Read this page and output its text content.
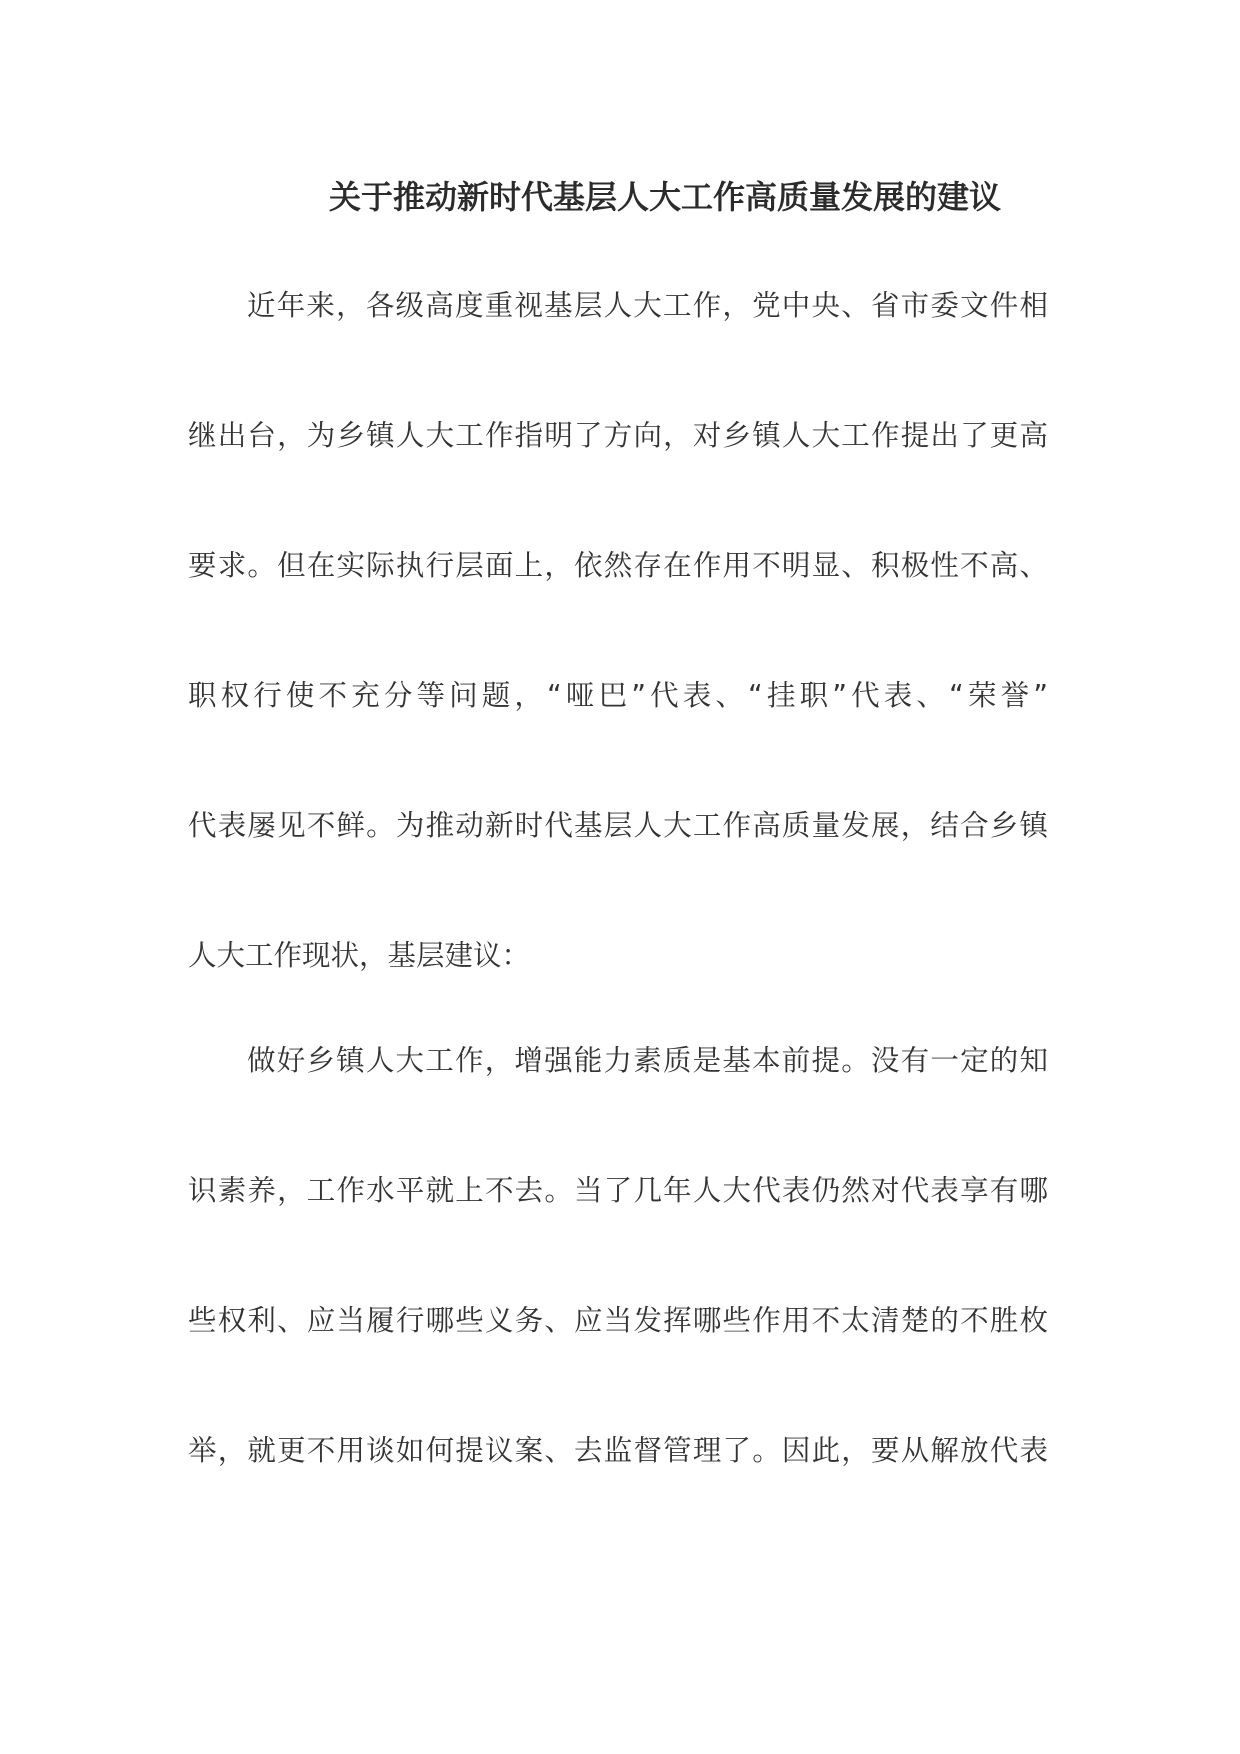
关于推动新时代基层人大工作高质量发展的建议
近年来，各级高度重视基层人大工作，党中央、省市委文件相
继出台，为乡镇人大工作指明了方向，对乡镇人大工作提出了更高
要求。但在实际执行层面上，依然存在作用不明显、积极性不高、
职权行使不充分等问题，“哑巴”代表、“挂职”代表、“荣誉”
代表屡见不鲜。为推动新时代基层人大工作高质量发展，结合乡镇
人大工作现状，基层建议：
做好乡镇人大工作，增强能力素质是基本前提。没有一定的知
识素养，工作水平就上不去。当了几年人大代表仍然对代表享有哪
些权利、应当履行哪些义务、应当发挥哪些作用不太清楚的不胜枚
举，就更不用谈如何提议案、去监督管理了。因此，要从解放代表
